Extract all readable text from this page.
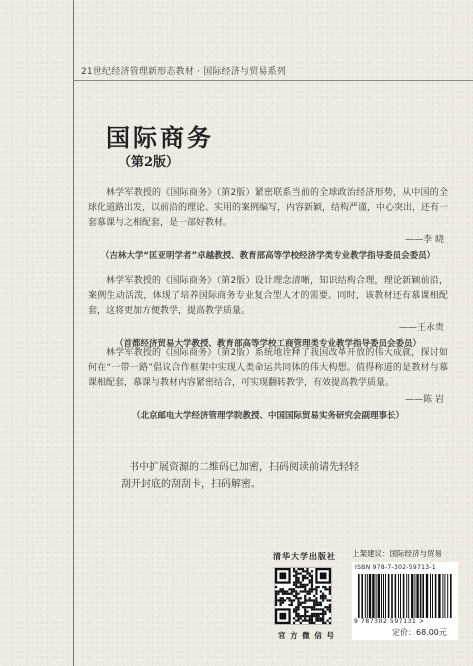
21世纪经济管理新形态教材 · 国际经济与贸易系列
国际商务
（第2版）
林学军教授的《国际商务》（第2版）紧密联系当前的全球政治经济形势，从中国的全球化道路出发，以前沿的理论、实用的案例编写，内容新颖，结构严谨，中心突出，还有一套慕课与之相配套，是一部好教材。
——李 晓
（吉林大学“匡亚明学者”卓越教授、教育部高等学校经济学类专业教学指导委员会委员）
林学军教授的《国际商务》（第2版）设计理念清晰，知识结构合理，理论新颖前沿，案例生动活泼，体现了培养国际商务专业复合型人才的需要。同时，该教材还有慕课相配套，这将更加方便教学，提高教学质量。
——王永贵
（首都经济贸易大学教授、教育部高等学校工商管理类专业教学指导委员会委员）
林学军教授的《国际商务》（第2版）系统地诠释了我国改革开放的伟大成就，探讨如何在“一带一路”倡议合作框架中实现人类命运共同体的伟大构想。值得称道的是教材与慕课相配套，慕课与教材内容紧密结合，可实现翻转教学，有效提高教学质量。
——陈 岩
（北京邮电大学经济管理学院教授、中国国际贸易实务研究会副理事长）
书中扩展资源的二维码已加密，扫码阅读前请先轻轻
刮开封底的刮刮卡，扫码解密。
清华大学出版社
官 方 微 信 号
上架建议：国际经济与贸易
ISBN 978-7-302-59713-1
9 787302 597131 >
定价：68.00元
